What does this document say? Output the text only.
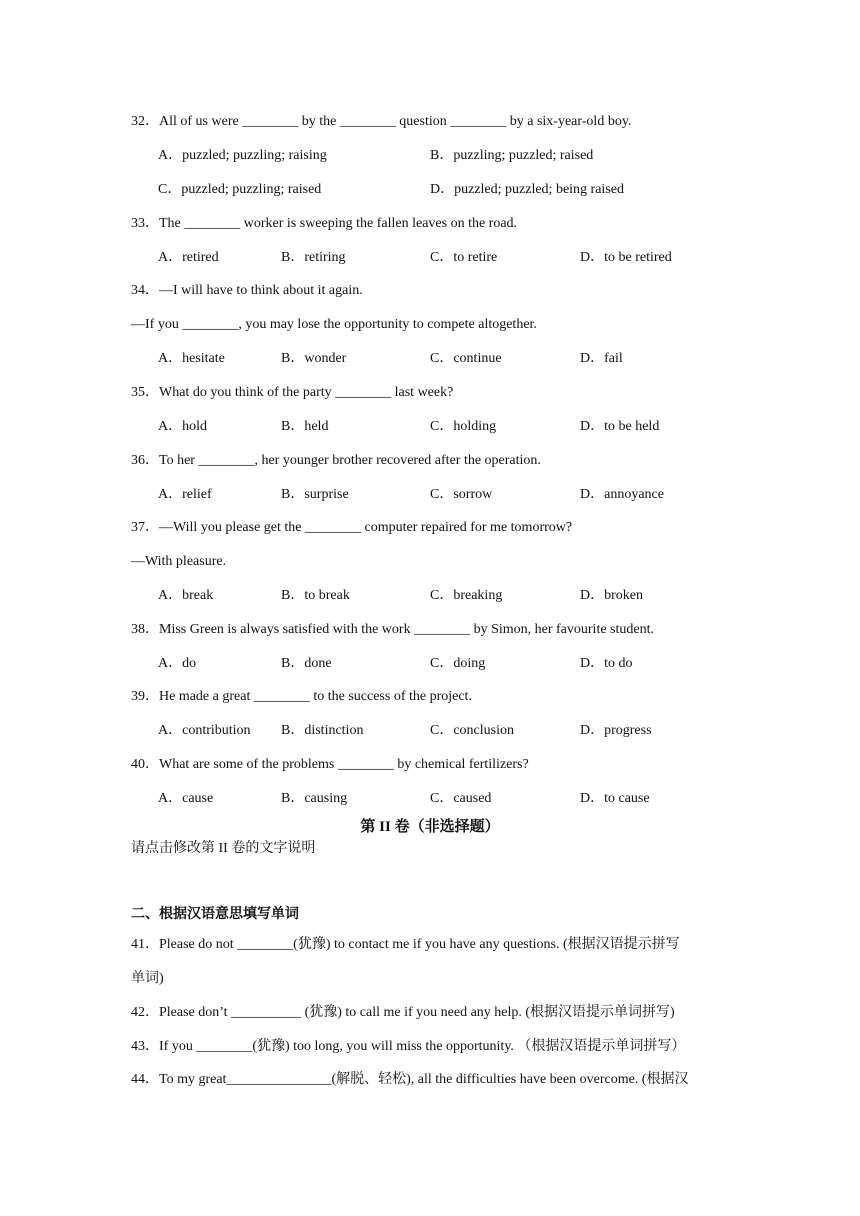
32．All of us were ________ by the ________ question ________ by a six-year-old boy.
A．puzzled; puzzling; raising	B．puzzling; puzzled; raised
C．puzzled; puzzling; raised	D．puzzled; puzzled; being raised
33．The ________ worker is sweeping the fallen leaves on the road.
A．retired	B．retiring	C．to retire	D．to be retired
34．—I will have to think about it again.
—If you ________, you may lose the opportunity to compete altogether.
A．hesitate	B．wonder	C．continue	D．fail
35．What do you think of the party ________ last week?
A．hold	B．held	C．holding	D．to be held
36．To her ________, her younger brother recovered after the operation.
A．relief	B．surprise	C．sorrow	D．annoyance
37．—Will you please get the ________ computer repaired for me tomorrow?
—With pleasure.
A．break	B．to break	C．breaking	D．broken
38．Miss Green is always satisfied with the work ________ by Simon, her favourite student.
A．do	B．done	C．doing	D．to do
39．He made a great ________ to the success of the project.
A．contribution B．distinction	C．conclusion	D．progress
40．What are some of the problems ________ by chemical fertilizers?
A．cause	B．causing	C．caused	D．to cause
第 II 卷（非选择题）
请点击修改第 II 卷的文字说明
二、根据汉语意思填写单词
41．Please do not ________(犹豫) to contact me if you have any questions. (根据汉语提示拼写
单词)
42．Please don’t __________ (犹豫) to call me if you need any help. (根据汉语提示单词拼写)
43．If you ________(犹豫) too long, you will miss the opportunity. （根据汉语提示单词拼写）
44．To my great_______________(解脱、轻松), all the difficulties have been overcome. (根据汉
